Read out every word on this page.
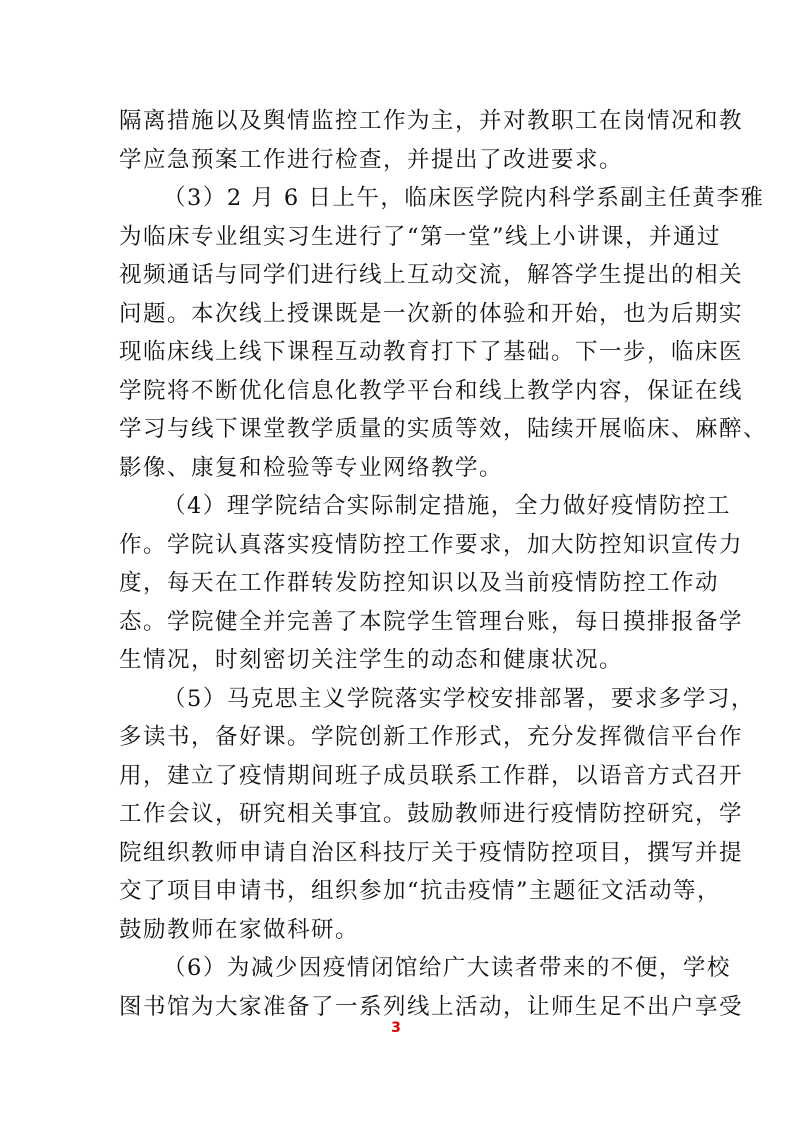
隔离措施以及舆情监控工作为主，并对教职工在岗情况和教
学应急预案工作进行检查，并提出了改进要求。
（3）2 月 6 日上午，临床医学院内科学系副主任黄李雅
为临床专业组实习生进行了“第一堂”线上小讲课，并通过
视频通话与同学们进行线上互动交流，解答学生提出的相关
问题。本次线上授课既是一次新的体验和开始，也为后期实
现临床线上线下课程互动教育打下了基础。下一步，临床医
学院将不断优化信息化教学平台和线上教学内容，保证在线
学习与线下课堂教学质量的实质等效，陆续开展临床、麻醉、
影像、康复和检验等专业网络教学。
（4）理学院结合实际制定措施，全力做好疫情防控工
作。学院认真落实疫情防控工作要求，加大防控知识宣传力
度，每天在工作群转发防控知识以及当前疫情防控工作动
态。学院健全并完善了本院学生管理台账，每日摸排报备学
生情况，时刻密切关注学生的动态和健康状况。
（5）马克思主义学院落实学校安排部署，要求多学习，
多读书，备好课。学院创新工作形式，充分发挥微信平台作
用，建立了疫情期间班子成员联系工作群，以语音方式召开
工作会议，研究相关事宜。鼓励教师进行疫情防控研究，学
院组织教师申请自治区科技厅关于疫情防控项目，撰写并提
交了项目申请书，组织参加“抗击疫情”主题征文活动等，
鼓励教师在家做科研。
（6）为减少因疫情闭馆给广大读者带来的不便，学校
图书馆为大家准备了一系列线上活动，让师生足不出户享受
3
